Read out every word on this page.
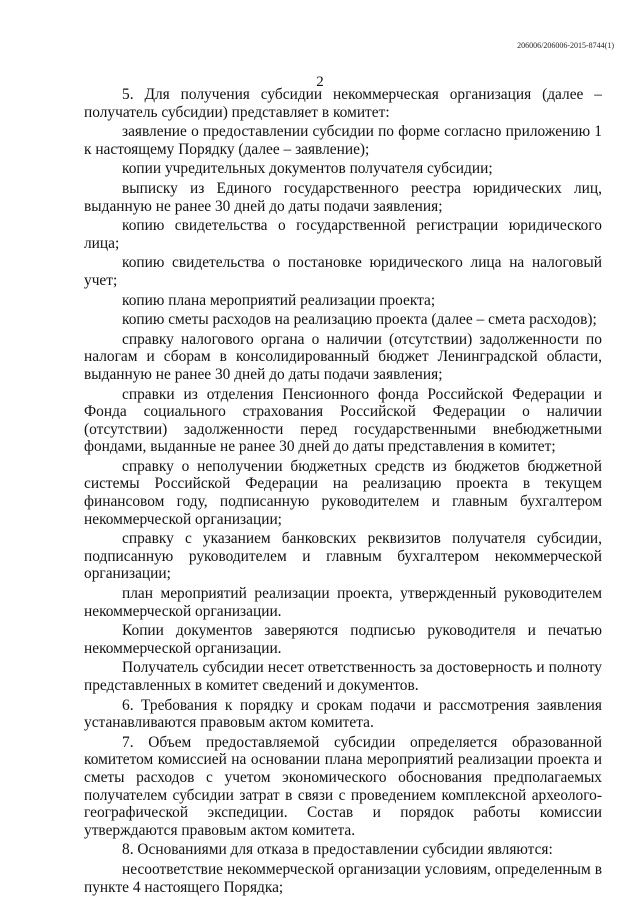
206006/206006-2015-8744(1)
2

5. Для получения субсидии некоммерческая организация (далее – получатель субсидии) представляет в комитет:

заявление о предоставлении субсидии по форме согласно приложению 1 к настоящему Порядку (далее – заявление);

копии учредительных документов получателя субсидии;

выписку из Единого государственного реестра юридических лиц, выданную не ранее 30 дней до даты подачи заявления;

копию свидетельства о государственной регистрации юридического лица;

копию свидетельства о постановке юридического лица на налоговый учет;

копию плана мероприятий реализации проекта;

копию сметы расходов на реализацию проекта (далее – смета расходов);

справку налогового органа о наличии (отсутствии) задолженности по налогам и сборам в консолидированный бюджет Ленинградской области, выданную не ранее 30 дней до даты подачи заявления;

справки из отделения Пенсионного фонда Российской Федерации и Фонда социального страхования Российской Федерации о наличии (отсутствии) задолженности перед государственными внебюджетными фондами, выданные не ранее 30 дней до даты представления в комитет;

справку о неполучении бюджетных средств из бюджетов бюджетной системы Российской Федерации на реализацию проекта в текущем финансовом году, подписанную руководителем и главным бухгалтером некоммерческой организации;

справку с указанием банковских реквизитов получателя субсидии, подписанную руководителем и главным бухгалтером некоммерческой организации;

план мероприятий реализации проекта, утвержденный руководителем некоммерческой организации.

Копии документов заверяются подписью руководителя и печатью некоммерческой организации.

Получатель субсидии несет ответственность за достоверность и полноту представленных в комитет сведений и документов.

6. Требования к порядку и срокам подачи и рассмотрения заявления устанавливаются правовым актом комитета.

7. Объем предоставляемой субсидии определяется образованной комитетом комиссией на основании плана мероприятий реализации проекта и сметы расходов с учетом экономического обоснования предполагаемых получателем субсидии затрат в связи с проведением комплексной археолого-географической экспедиции. Состав и порядок работы комиссии утверждаются правовым актом комитета.

8. Основаниями для отказа в предоставлении субсидии являются:

несоответствие некоммерческой организации условиям, определенным в пункте 4 настоящего Порядка;
